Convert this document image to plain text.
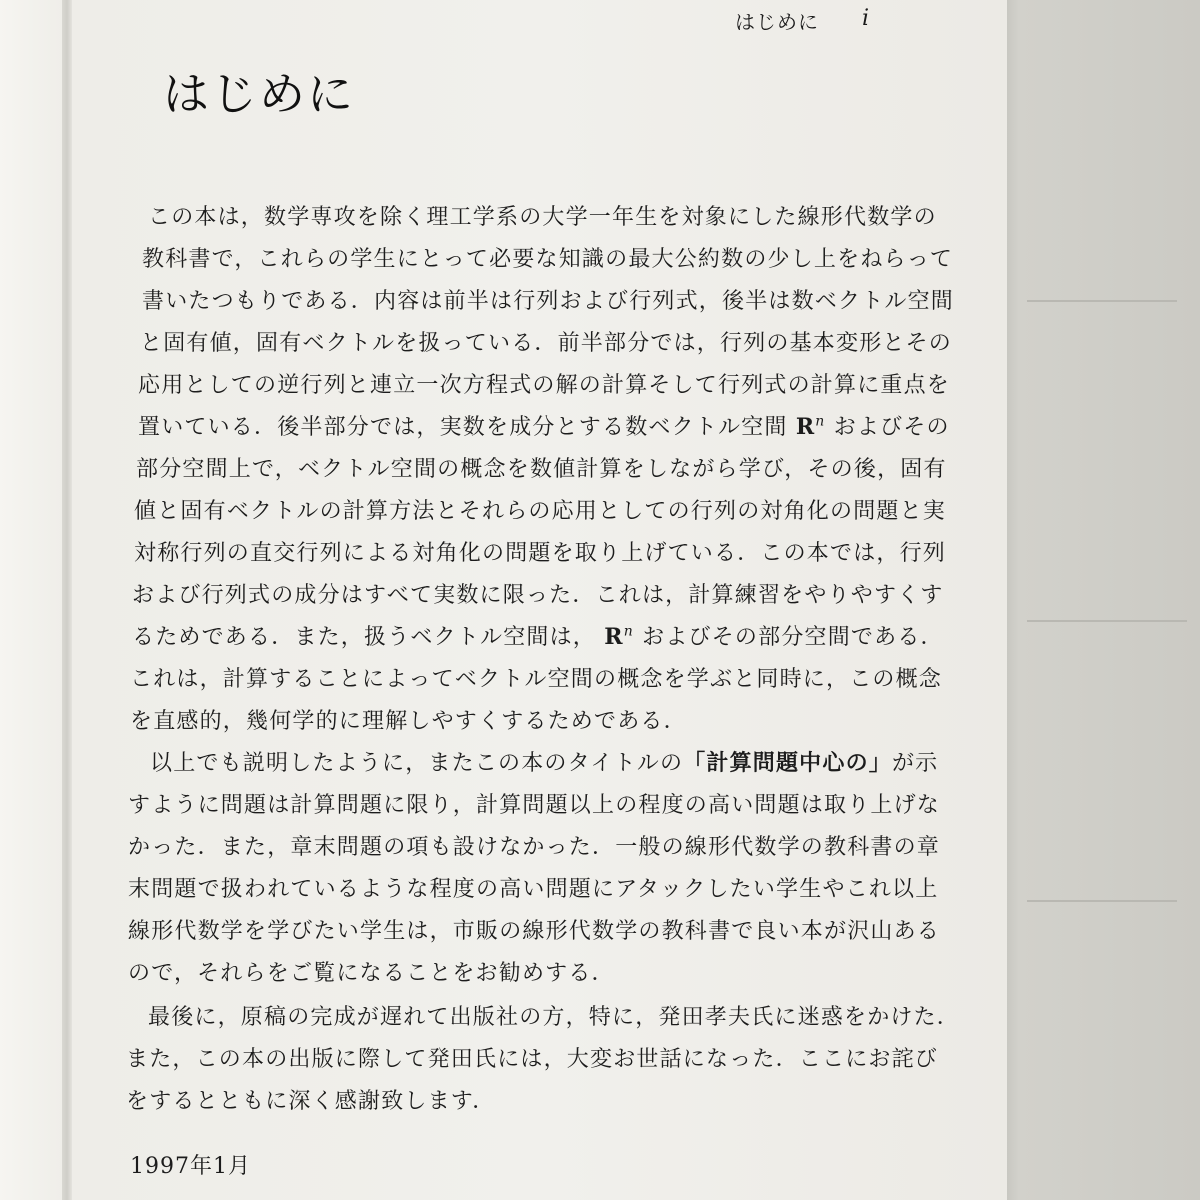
はじめに i
はじめに
この本は，数学専攻を除く理工学系の大学一年生を対象にした線形代数学の
教科書で，これらの学生にとって必要な知識の最大公約数の少し上をねらって
書いたつもりである．内容は前半は行列および行列式，後半は数ベクトル空間
と固有値，固有ベクトルを扱っている．前半部分では，行列の基本変形とその
応用としての逆行列と連立一次方程式の解の計算そして行列式の計算に重点を
置いている．後半部分では，実数を成分とする数ベクトル空間 $R^n$ およびその
部分空間上で，ベクトル空間の概念を数値計算をしながら学び，その後，固有
値と固有ベクトルの計算方法とそれらの応用としての行列の対角化の問題と実
対称行列の直交行列による対角化の問題を取り上げている．この本では，行列
および行列式の成分はすべて実数に限った．これは，計算練習をやりやすくす
るためである．また，扱うベクトル空間は， $R^n$ およびその部分空間である．
これは，計算することによってベクトル空間の概念を学ぶと同時に，この概念
を直感的，幾何学的に理解しやすくするためである．
以上でも説明したように，またこの本のタイトルの「計算問題中心の」が示
すように問題は計算問題に限り，計算問題以上の程度の高い問題は取り上げな
かった．また，章末問題の項も設けなかった．一般の線形代数学の教科書の章
末問題で扱われているような程度の高い問題にアタックしたい学生やこれ以上
線形代数学を学びたい学生は，市販の線形代数学の教科書で良い本が沢山ある
ので，それらをご覧になることをお勧めする．
最後に，原稿の完成が遅れて出版社の方，特に，発田孝夫氏に迷惑をかけた．
また，この本の出版に際して発田氏には，大変お世話になった．ここにお詫び
をするとともに深く感謝致します．
1997年1月
